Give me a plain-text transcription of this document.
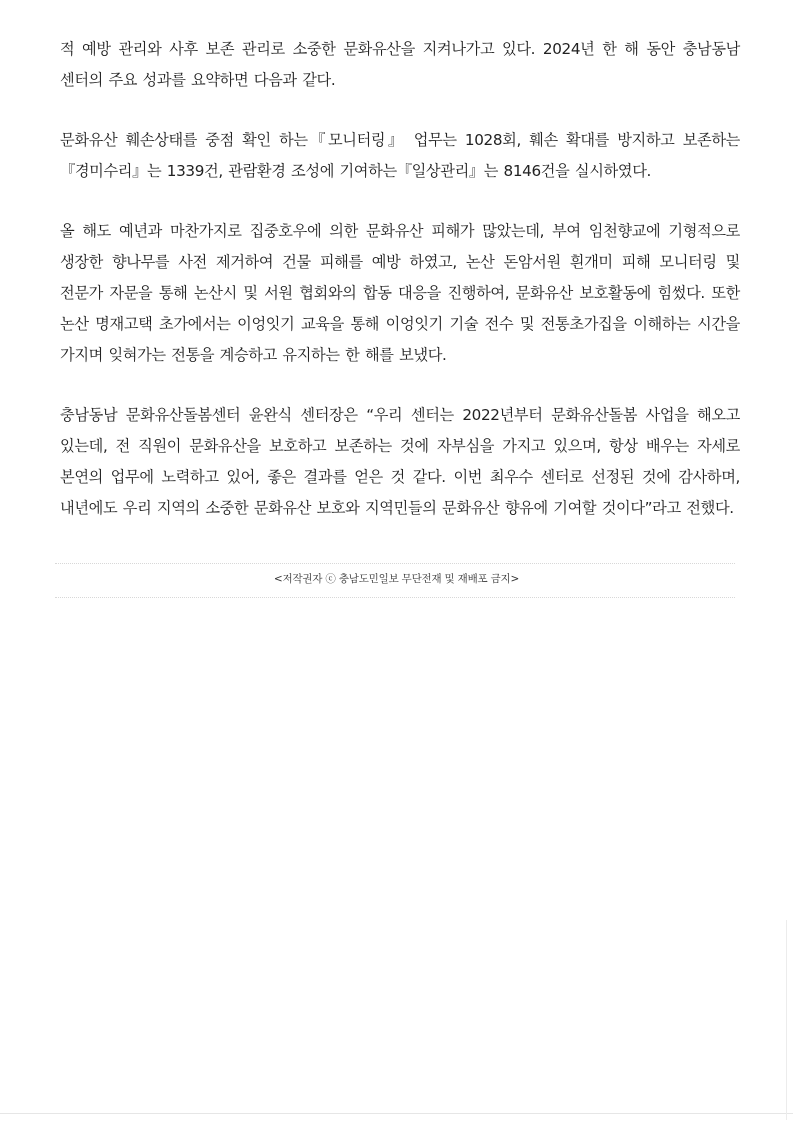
적 예방 관리와 사후 보존 관리로 소중한 문화유산을 지켜나가고 있다. 2024년 한 해 동안 충남동남 센터의 주요 성과를 요약하면 다음과 같다.

문화유산 훼손상태를 중점 확인 하는『모니터링』 업무는 1028회, 훼손 확대를 방지하고 보존하는『경미수리』는 1339건, 관람환경 조성에 기여하는『일상관리』는 8146건을 실시하였다.

올 해도 예년과 마찬가지로 집중호우에 의한 문화유산 피해가 많았는데, 부여 임천향교에 기형적으로 생장한 향나무를 사전 제거하여 건물 피해를 예방 하였고, 논산 돈암서원 흰개미 피해 모니터링 및 전문가 자문을 통해 논산시 및 서원 협회와의 합동 대응을 진행하여, 문화유산 보호활동에 힘썼다. 또한 논산 명재고택 초가에서는 이엉잇기 교육을 통해 이엉잇기 기술 전수 및 전통초가집을 이해하는 시간을 가지며 잊혀가는 전통을 계승하고 유지하는 한 해를 보냈다.

충남동남 문화유산돌봄센터 윤완식 센터장은 “우리 센터는 2022년부터 문화유산돌봄 사업을 해오고 있는데, 전 직원이 문화유산을 보호하고 보존하는 것에 자부심을 가지고 있으며, 항상 배우는 자세로 본연의 업무에 노력하고 있어, 좋은 결과를 얻은 것 같다. 이번 최우수 센터로 선정된 것에 감사하며, 내년에도 우리 지역의 소중한 문화유산 보호와 지역민들의 문화유산 향유에 기여할 것이다”라고 전했다.

<저작권자 ⓒ 충남도민일보 무단전재 및 재배포 금지>
